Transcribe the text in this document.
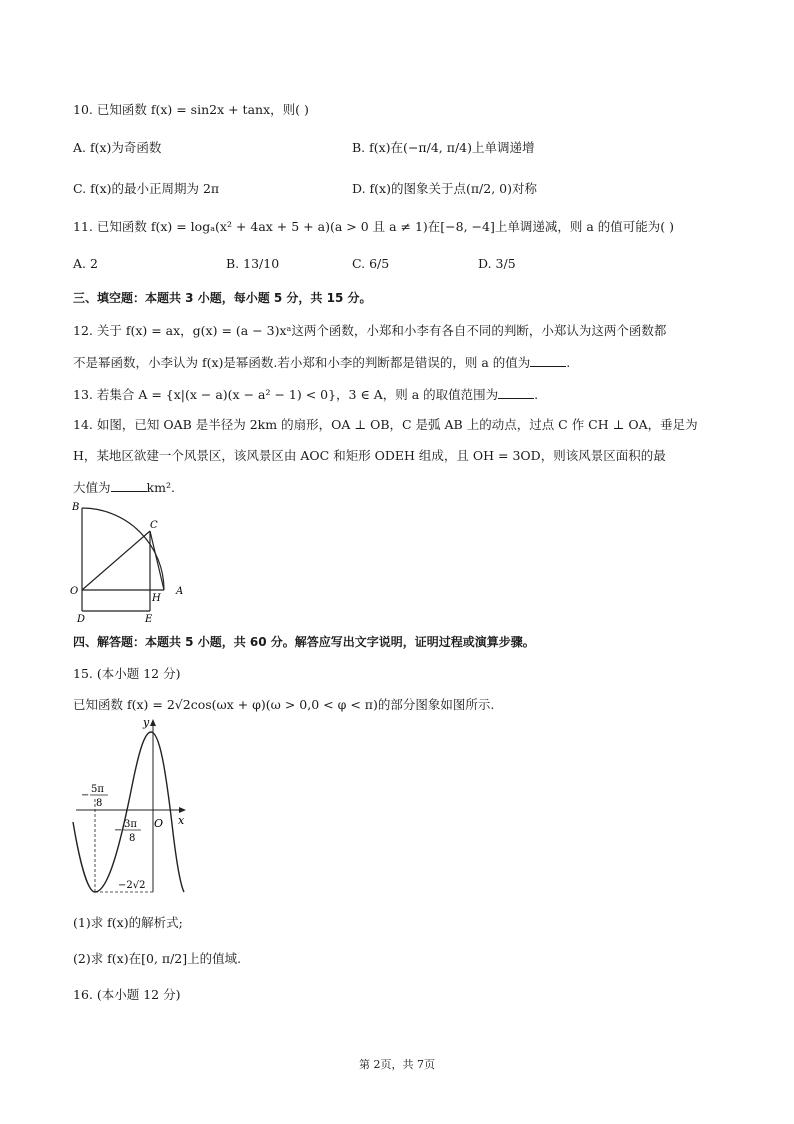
10. 已知函数 f(x) = sin2x + tanx，则( )
A. f(x)为奇函数	B. f(x)在(−π/4, π/4)上单调递增
C. f(x)的最小正周期为 2π	D. f(x)的图象关于点(π/2, 0)对称
11. 已知函数 f(x) = logₐ(x² + 4ax + 5 + a)(a > 0 且 a ≠ 1)在[−8, −4]上单调递减，则 a 的值可能为( )
A. 2	B. 13/10	C. 6/5	D. 3/5
三、填空题：本题共 3 小题，每小题 5 分，共 15 分。
12. 关于 f(x) = ax，g(x) = (a − 3)xᵃ这两个函数，小郑和小李有各自不同的判断，小郑认为这两个函数都
不是幂函数，小李认为 f(x)是幂函数.若小郑和小李的判断都是错误的，则 a 的值为	.
13. 若集合 A = {x|(x − a)(x − a² − 1) < 0}，3 ∈ A，则 a 的取值范围为	.
14. 如图，已知 OAB 是半径为 2km 的扇形，OA ⊥ OB，C 是弧 AB 上的动点，过点 C 作 CH ⊥ OA，垂足为
H，某地区欲建一个风景区，该风景区由 AOC 和矩形 ODEH 组成，且 OH = 3OD，则该风景区面积的最
大值为	km².
B
C
O
H
A
D	E
四、解答题：本题共 5 小题，共 60 分。解答应写出文字说明，证明过程或演算步骤。
15. (本小题 12 分)
已知函数 f(x) = 2√2cos(ωx + φ)(ω > 0,0 < φ < π)的部分图象如图所示.
y
x
O
−
5π
8
−
3π
8
−2√2
(1)求 f(x)的解析式;
(2)求 f(x)在[0, π/2]上的值域.
16. (本小题 12 分)
第 2页，共 7页
